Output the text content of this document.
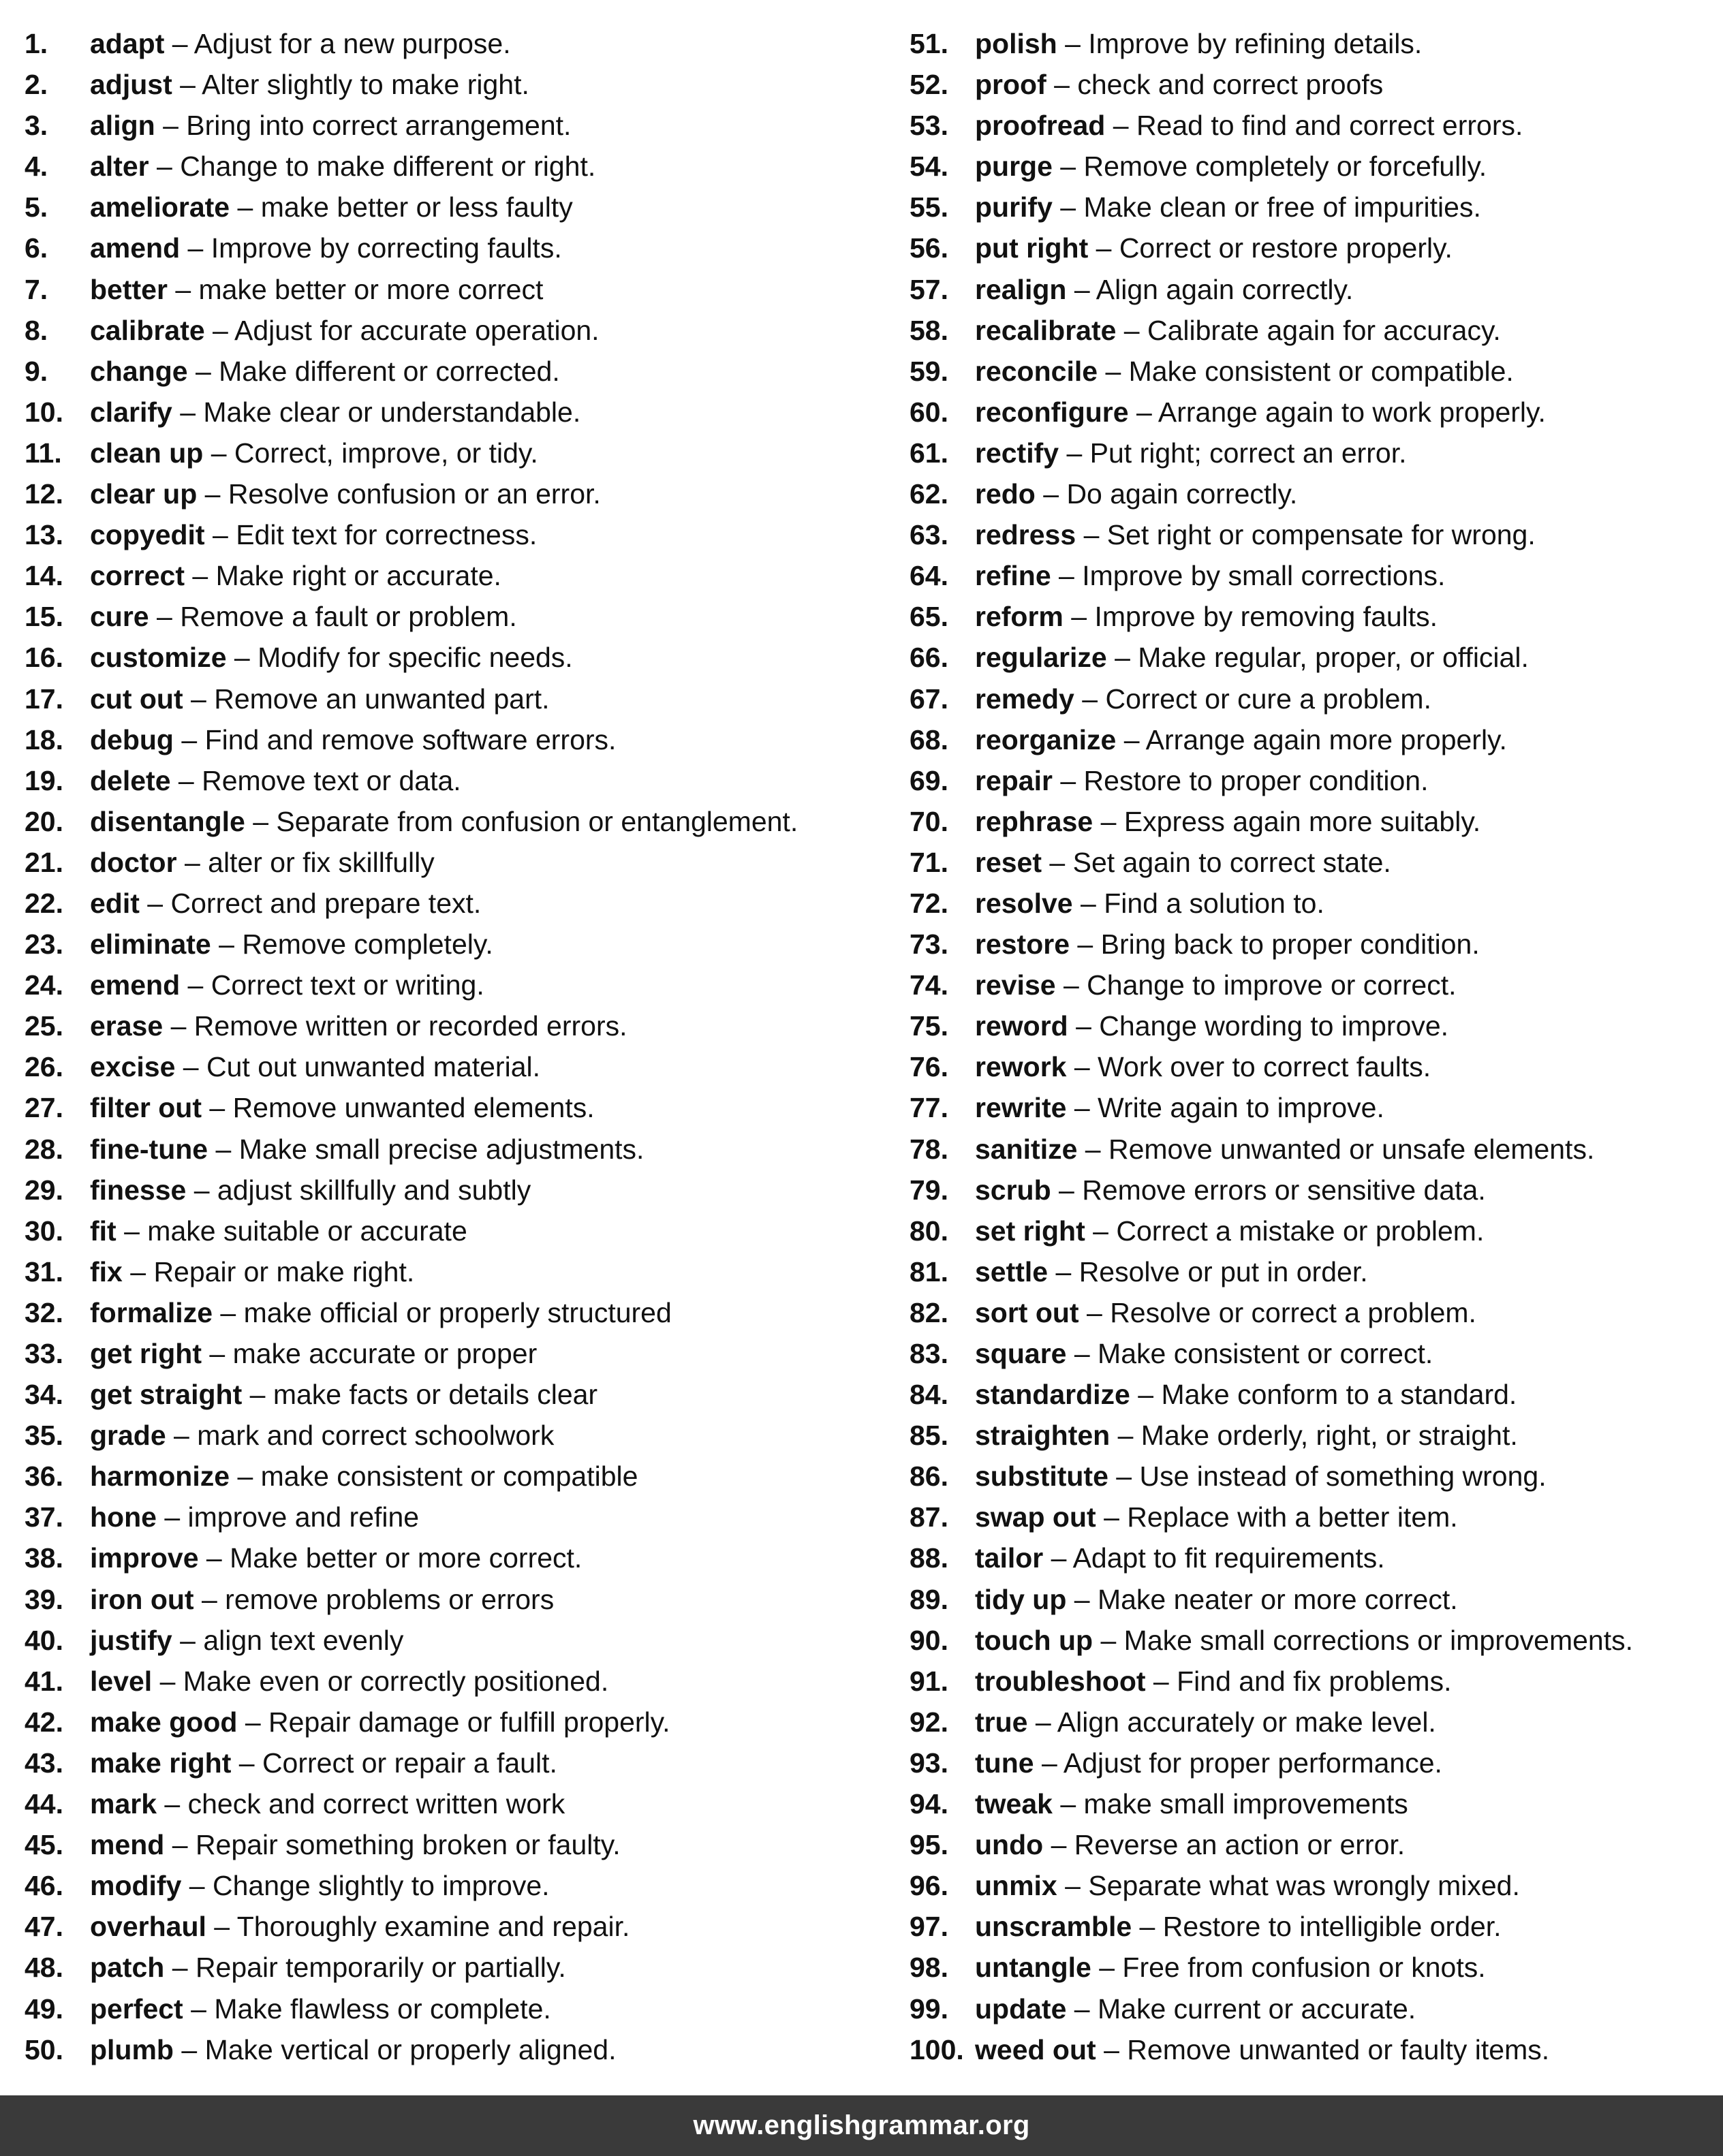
1. adapt – Adjust for a new purpose.
2. adjust – Alter slightly to make right.
3. align – Bring into correct arrangement.
4. alter – Change to make different or right.
5. ameliorate – make better or less faulty
6. amend – Improve by correcting faults.
7. better – make better or more correct
8. calibrate – Adjust for accurate operation.
9. change – Make different or corrected.
10. clarify – Make clear or understandable.
11. clean up – Correct, improve, or tidy.
12. clear up – Resolve confusion or an error.
13. copyedit – Edit text for correctness.
14. correct – Make right or accurate.
15. cure – Remove a fault or problem.
16. customize – Modify for specific needs.
17. cut out – Remove an unwanted part.
18. debug – Find and remove software errors.
19. delete – Remove text or data.
20. disentangle – Separate from confusion or entanglement.
21. doctor – alter or fix skillfully
22. edit – Correct and prepare text.
23. eliminate – Remove completely.
24. emend – Correct text or writing.
25. erase – Remove written or recorded errors.
26. excise – Cut out unwanted material.
27. filter out – Remove unwanted elements.
28. fine-tune – Make small precise adjustments.
29. finesse – adjust skillfully and subtly
30. fit – make suitable or accurate
31. fix – Repair or make right.
32. formalize – make official or properly structured
33. get right – make accurate or proper
34. get straight – make facts or details clear
35. grade – mark and correct schoolwork
36. harmonize – make consistent or compatible
37. hone – improve and refine
38. improve – Make better or more correct.
39. iron out – remove problems or errors
40. justify – align text evenly
41. level – Make even or correctly positioned.
42. make good – Repair damage or fulfill properly.
43. make right – Correct or repair a fault.
44. mark – check and correct written work
45. mend – Repair something broken or faulty.
46. modify – Change slightly to improve.
47. overhaul – Thoroughly examine and repair.
48. patch – Repair temporarily or partially.
49. perfect – Make flawless or complete.
50. plumb – Make vertical or properly aligned.
51. polish – Improve by refining details.
52. proof – check and correct proofs
53. proofread – Read to find and correct errors.
54. purge – Remove completely or forcefully.
55. purify – Make clean or free of impurities.
56. put right – Correct or restore properly.
57. realign – Align again correctly.
58. recalibrate – Calibrate again for accuracy.
59. reconcile – Make consistent or compatible.
60. reconfigure – Arrange again to work properly.
61. rectify – Put right; correct an error.
62. redo – Do again correctly.
63. redress – Set right or compensate for wrong.
64. refine – Improve by small corrections.
65. reform – Improve by removing faults.
66. regularize – Make regular, proper, or official.
67. remedy – Correct or cure a problem.
68. reorganize – Arrange again more properly.
69. repair – Restore to proper condition.
70. rephrase – Express again more suitably.
71. reset – Set again to correct state.
72. resolve – Find a solution to.
73. restore – Bring back to proper condition.
74. revise – Change to improve or correct.
75. reword – Change wording to improve.
76. rework – Work over to correct faults.
77. rewrite – Write again to improve.
78. sanitize – Remove unwanted or unsafe elements.
79. scrub – Remove errors or sensitive data.
80. set right – Correct a mistake or problem.
81. settle – Resolve or put in order.
82. sort out – Resolve or correct a problem.
83. square – Make consistent or correct.
84. standardize – Make conform to a standard.
85. straighten – Make orderly, right, or straight.
86. substitute – Use instead of something wrong.
87. swap out – Replace with a better item.
88. tailor – Adapt to fit requirements.
89. tidy up – Make neater or more correct.
90. touch up – Make small corrections or improvements.
91. troubleshoot – Find and fix problems.
92. true – Align accurately or make level.
93. tune – Adjust for proper performance.
94. tweak – make small improvements
95. undo – Reverse an action or error.
96. unmix – Separate what was wrongly mixed.
97. unscramble – Restore to intelligible order.
98. untangle – Free from confusion or knots.
99. update – Make current or accurate.
100. weed out – Remove unwanted or faulty items.
www.englishgrammar.org
